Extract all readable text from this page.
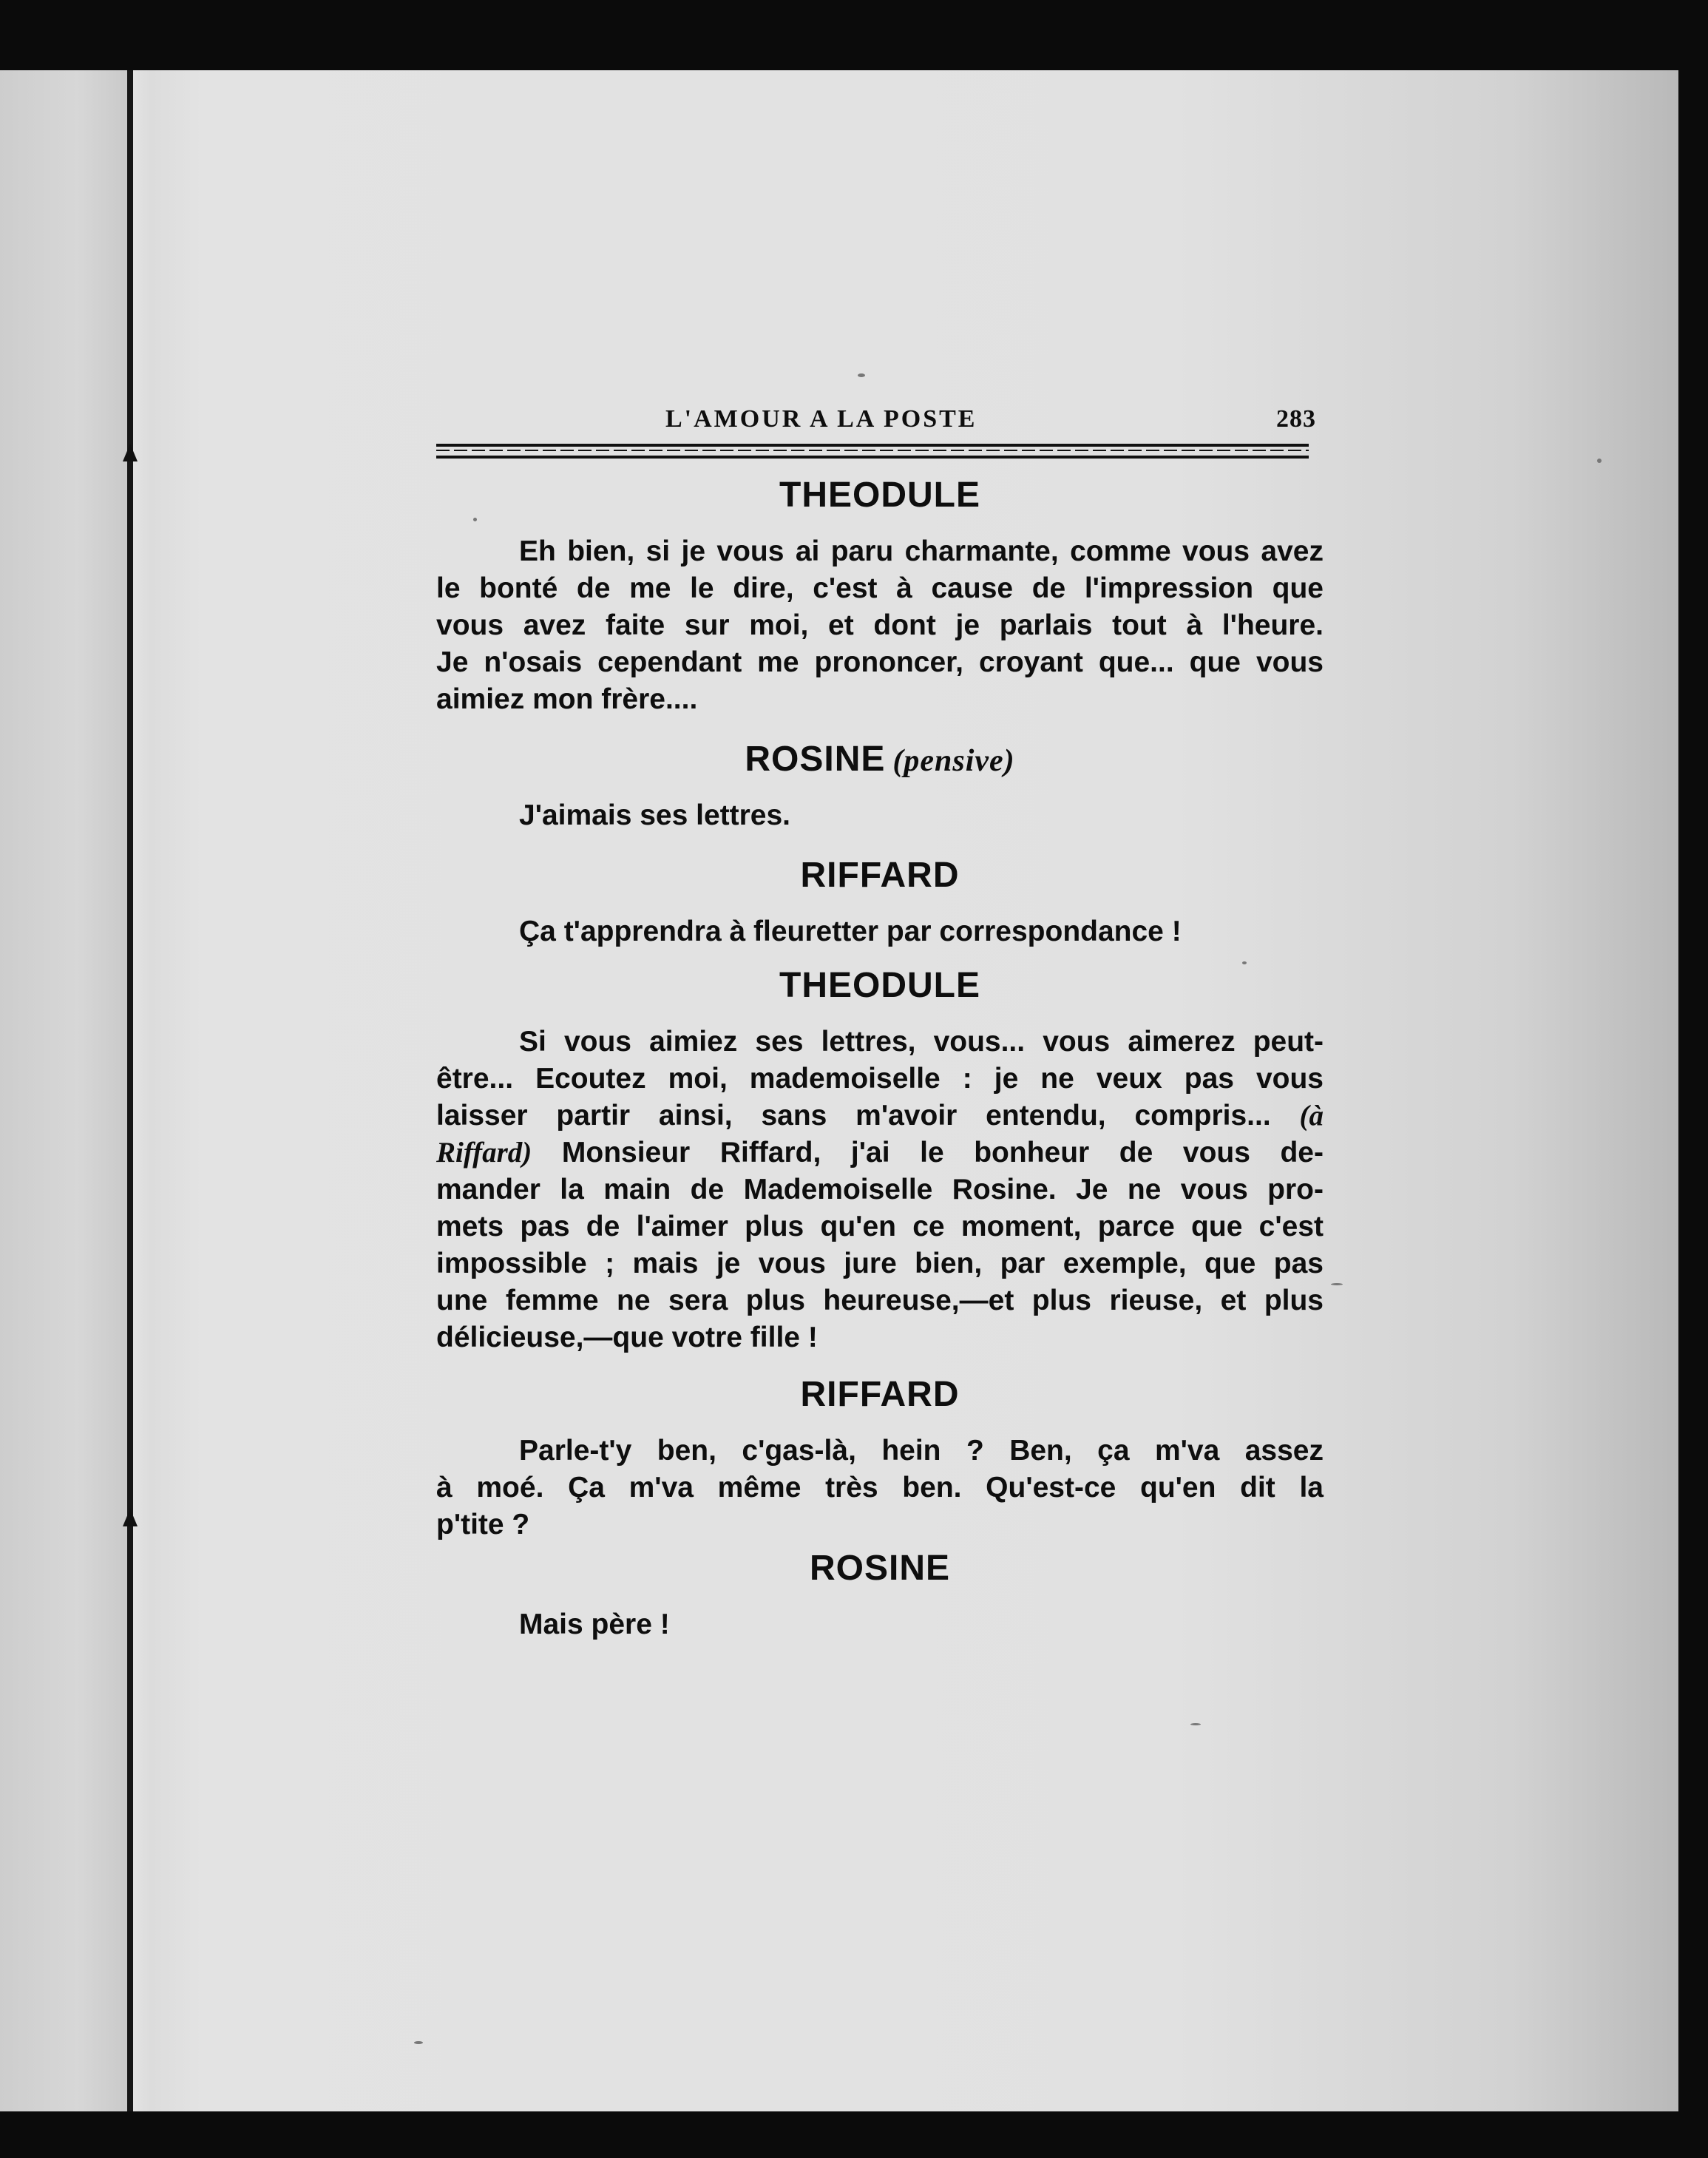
L'AMOUR A LA POSTE	283
THEODULE
Eh bien, si je vous ai paru charmante, comme vous avez
le bonté de me le dire, c'est à cause de l'impression que
vous avez faite sur moi, et dont je parlais tout à l'heure.
Je n'osais cependant me prononcer, croyant que... que vous
aimiez mon frère....
ROSINE (pensive)
J'aimais ses lettres.
RIFFARD
Ça t'apprendra à fleuretter par correspondance !
THEODULE
Si vous aimiez ses lettres, vous... vous aimerez peut-
être... Ecoutez moi, mademoiselle : je ne veux pas vous
laisser partir ainsi, sans m'avoir entendu, compris... (à
Riffard) Monsieur Riffard, j'ai le bonheur de vous de-
mander la main de Mademoiselle Rosine. Je ne vous pro-
mets pas de l'aimer plus qu'en ce moment, parce que c'est
impossible ; mais je vous jure bien, par exemple, que pas
une femme ne sera plus heureuse,—et plus rieuse, et plus
délicieuse,—que votre fille !
RIFFARD
Parle-t'y ben, c'gas-là, hein ? Ben, ça m'va assez
à moé. Ça m'va même très ben. Qu'est-ce qu'en dit la
p'tite ?
ROSINE
Mais père !
